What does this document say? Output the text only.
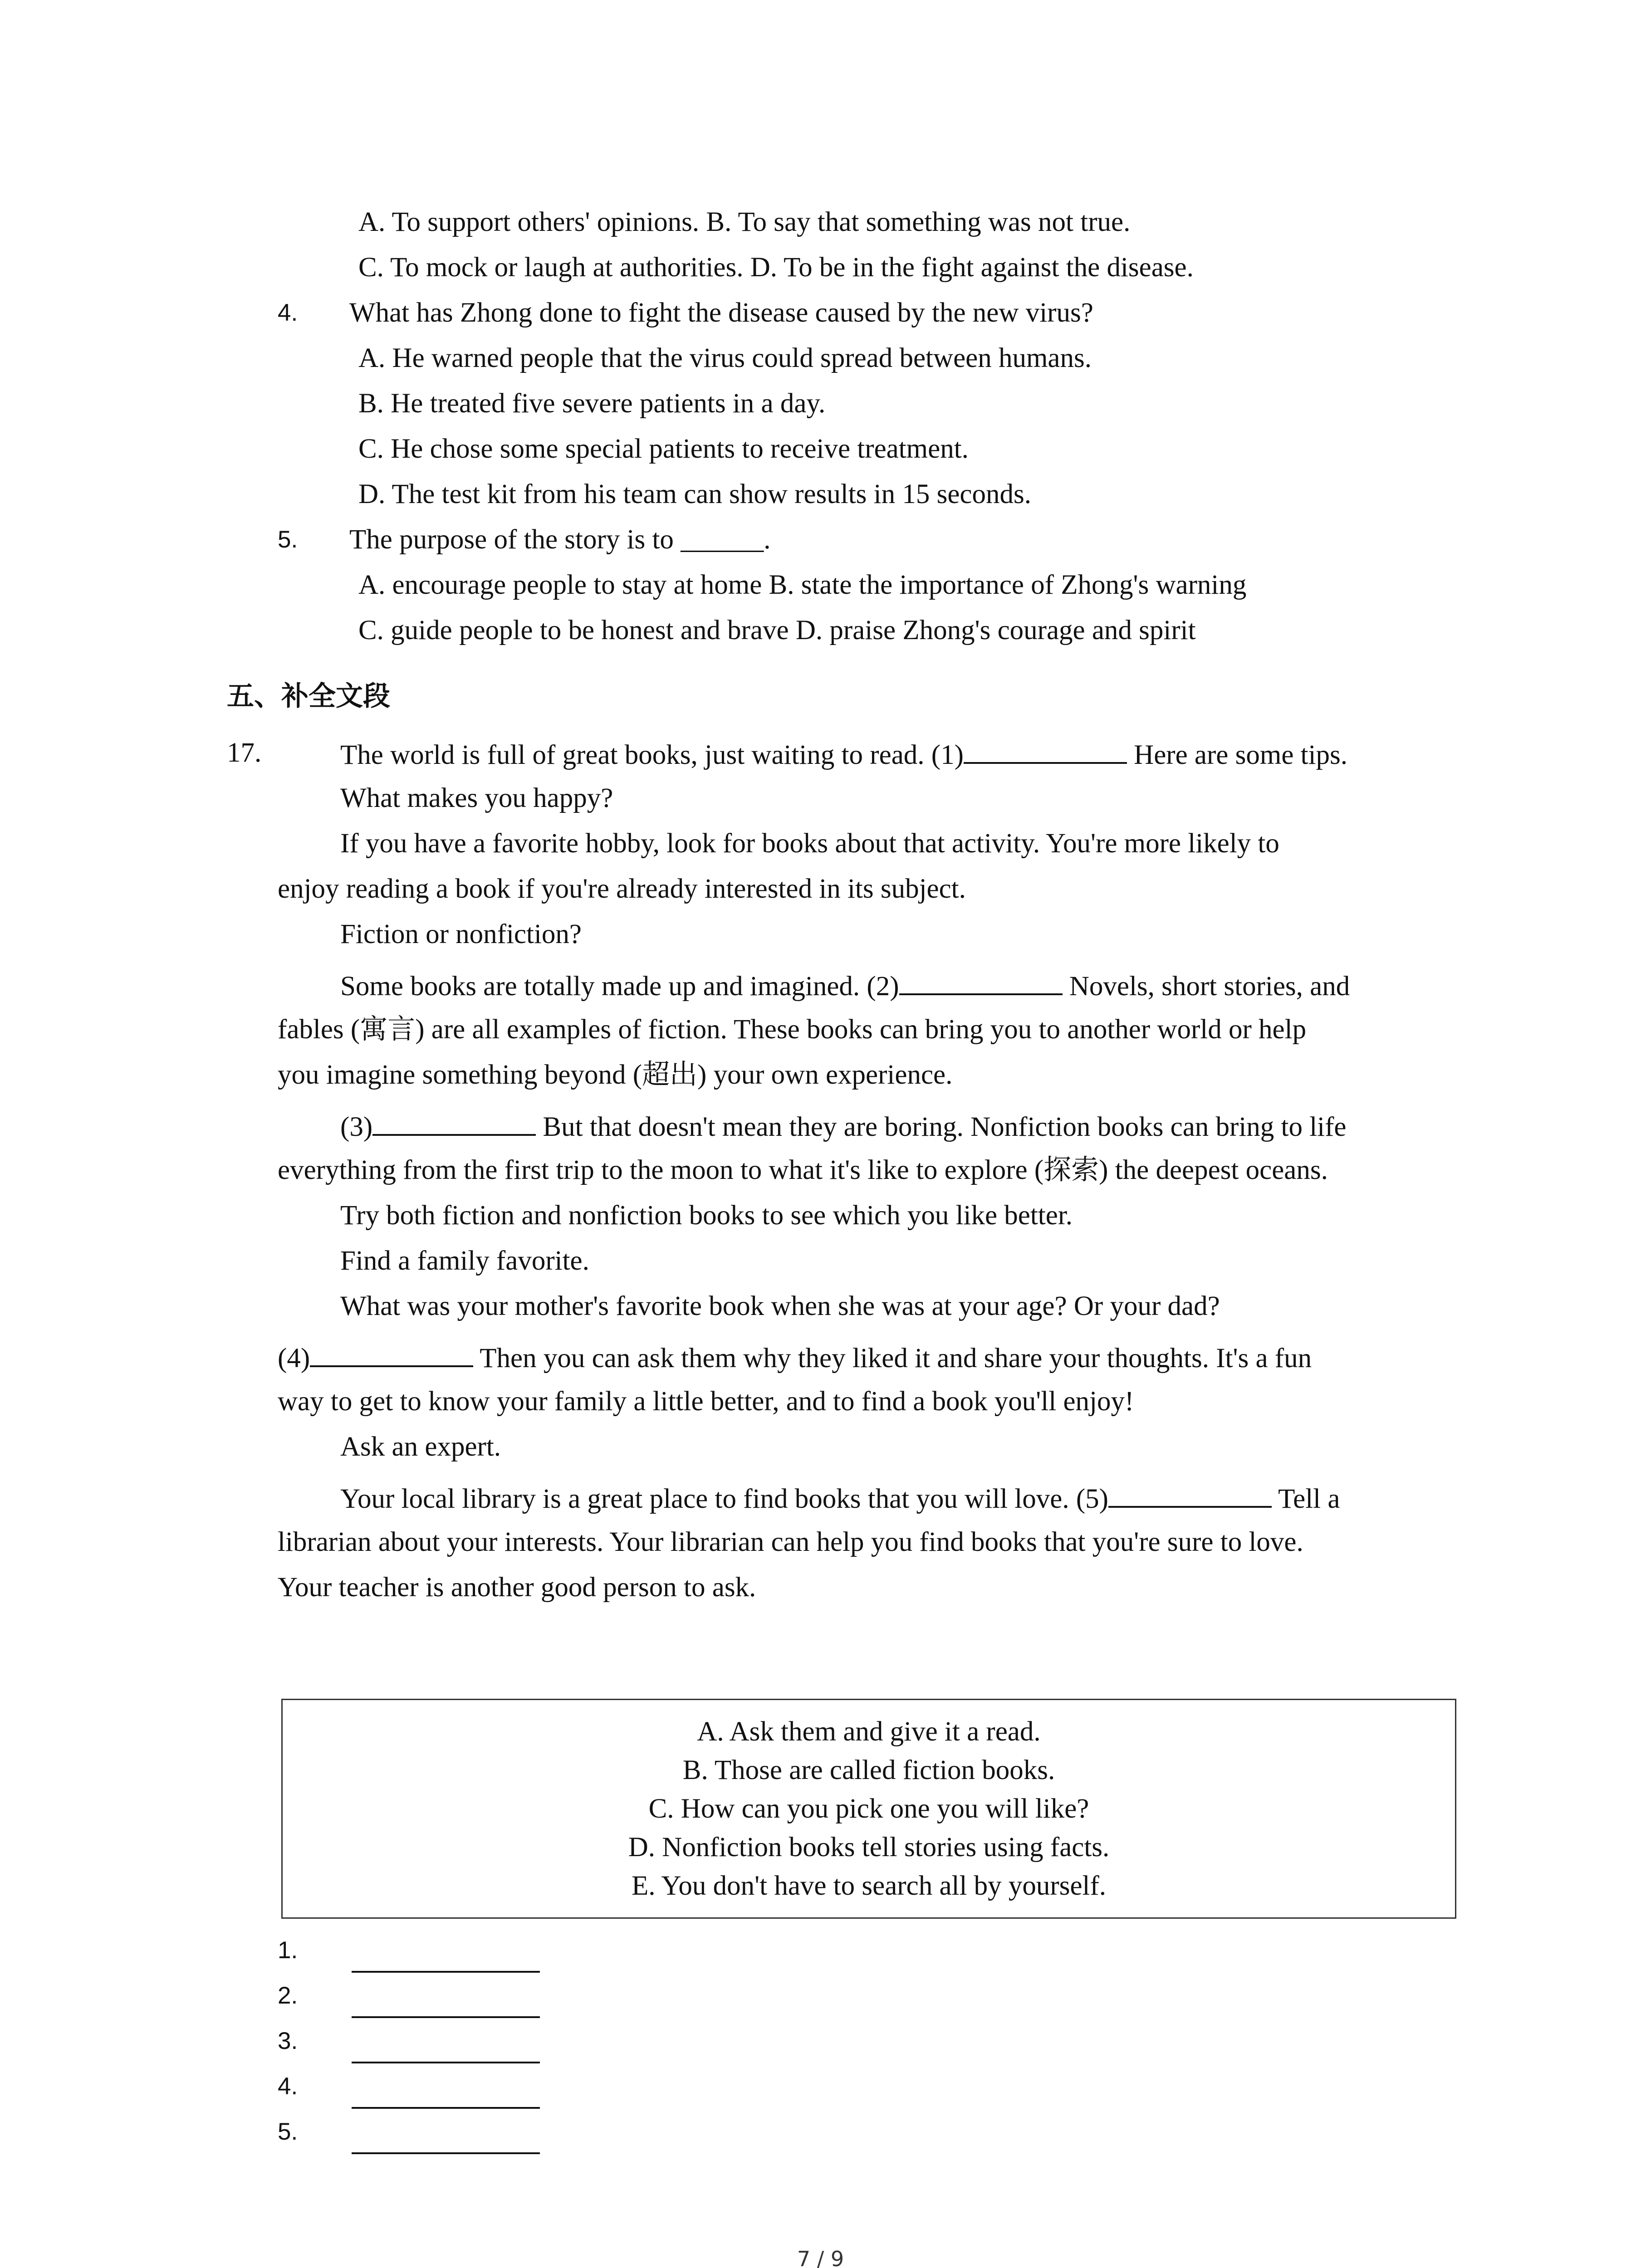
A. To support others' opinions. B. To say that something was not true.
C. To mock or laugh at authorities. D. To be in the fight against the disease.
4. What has Zhong done to fight the disease caused by the new virus?
A. He warned people that the virus could spread between humans.
B. He treated five severe patients in a day.
C. He chose some special patients to receive treatment.
D. The test kit from his team can show results in 15 seconds.
5. The purpose of the story is to ______.
A. encourage people to stay at home B. state the importance of Zhong's warning
C. guide people to be honest and brave D. praise Zhong's courage and spirit
五、补全文段
17.	The world is full of great books, just waiting to read. (1)	Here are some tips.
What makes you happy?
If you have a favorite hobby, look for books about that activity. You're more likely to
enjoy reading a book if you're already interested in its subject.
Fiction or nonfiction?
Some books are totally made up and imagined. (2)	Novels, short stories, and
fables (寓言) are all examples of fiction. These books can bring you to another world or help
you imagine something beyond (超出) your own experience.
(3)	But that doesn't mean they are boring. Nonfiction books can bring to life
everything from the first trip to the moon to what it's like to explore (探索) the deepest oceans.
Try both fiction and nonfiction books to see which you like better.
Find a family favorite.
What was your mother's favorite book when she was at your age? Or your dad?
(4)	Then you can ask them why they liked it and share your thoughts. It's a fun
way to get to know your family a little better, and to find a book you'll enjoy!
Ask an expert.
Your local library is a great place to find books that you will love. (5)	Tell a
librarian about your interests. Your librarian can help you find books that you're sure to love.
Your teacher is another good person to ask.
A. Ask them and give it a read.
B. Those are called fiction books.
C. How can you pick one you will like?
D. Nonfiction books tell stories using facts.
E. You don't have to search all by yourself.
1.
2.
3.
4.
5.
7 / 9
